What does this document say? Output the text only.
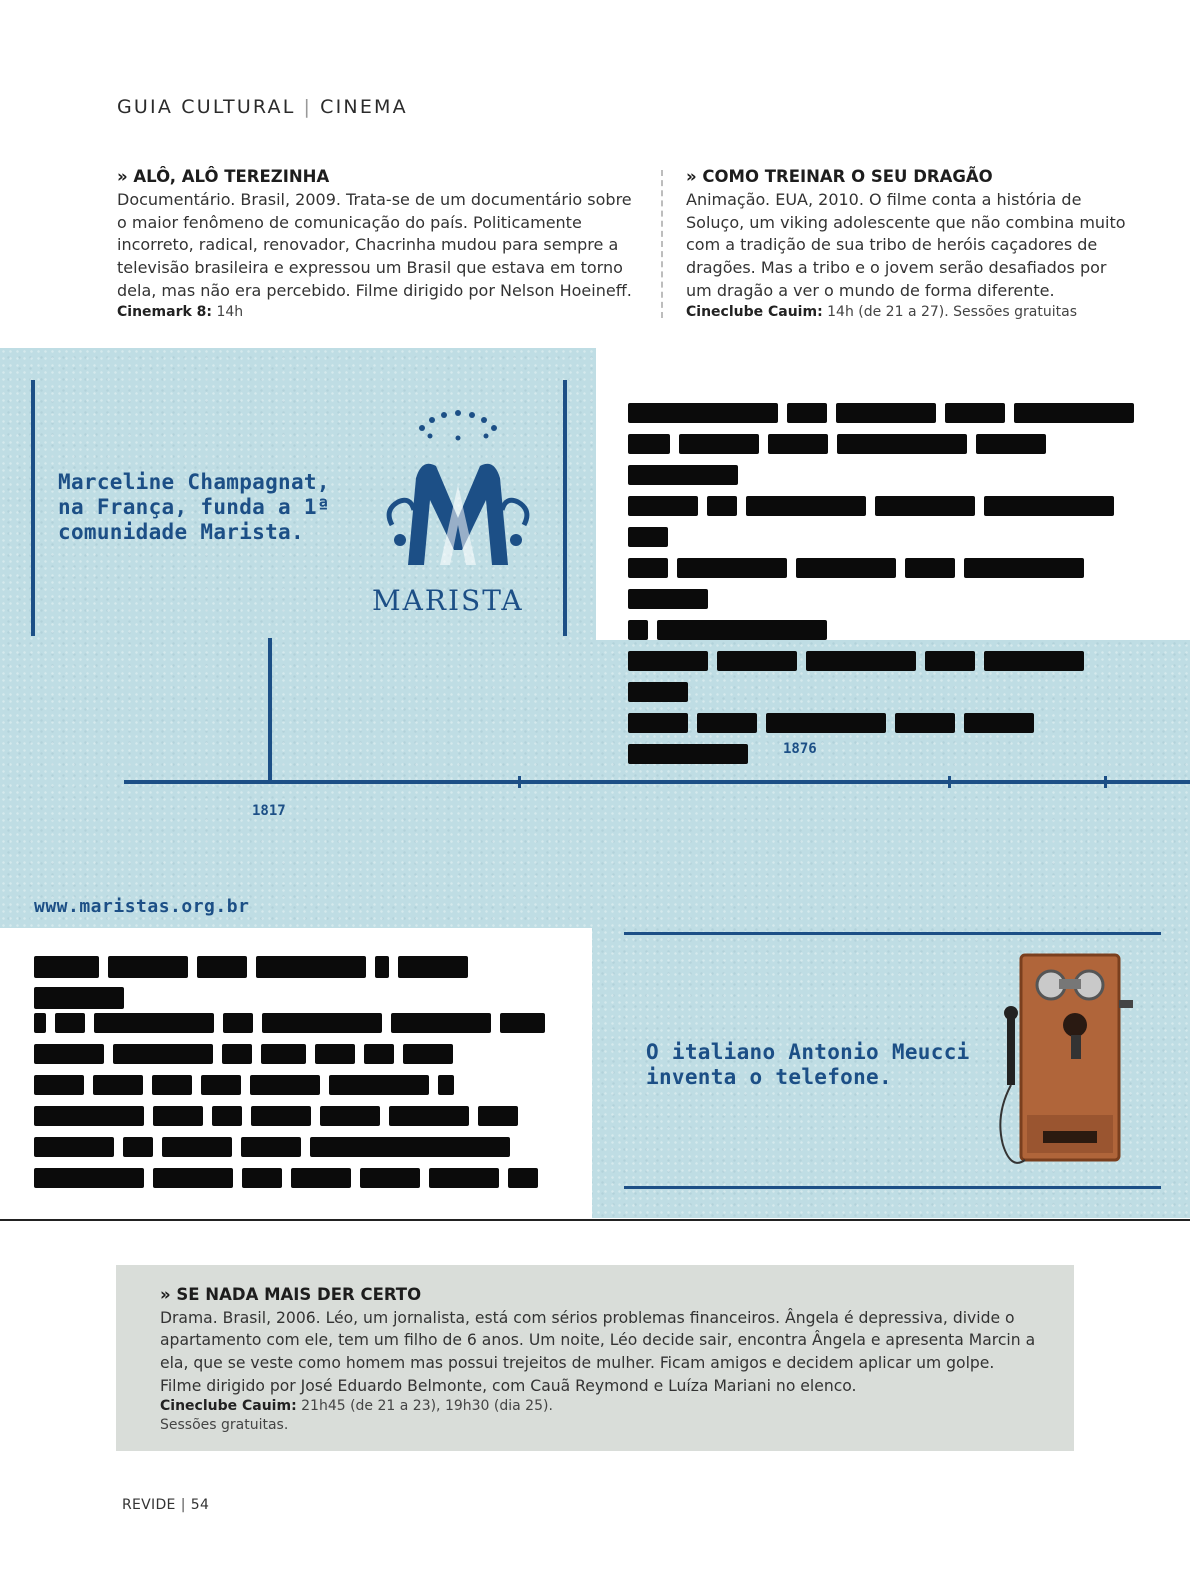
GUIA CULTURAL | CINEMA
» ALÔ, ALÔ TEREZINHA
Documentário. Brasil, 2009. Trata-se de um documentário sobre o maior fenômeno de comunicação do país. Politicamente incorreto, radical, renovador, Chacrinha mudou para sempre a televisão brasileira e expressou um Brasil que estava em torno dela, mas não era percebido. Filme dirigido por Nelson Hoeineff.
Cinemark 8: 14h
» COMO TREINAR O SEU DRAGÃO
Animação. EUA, 2010. O filme conta a história de Soluço, um viking adolescente que não combina muito com a tradição de sua tribo de heróis caçadores de dragões. Mas a tribo e o jovem serão desafiados por um dragão a ver o mundo de forma diferente.
Cineclube Cauim: 14h (de 21 a 27). Sessões gratuitas
Marceline Champagnat, na França, funda a 1ª comunidade Marista.
MARISTA
1817
1876
www.maristas.org.br
O italiano Antonio Meucci inventa o telefone.
» SE NADA MAIS DER CERTO
Drama. Brasil, 2006. Léo, um jornalista, está com sérios problemas financeiros. Ângela é depressiva, divide o apartamento com ele, tem um filho de 6 anos. Um noite, Léo decide sair, encontra Ângela e apresenta Marcin a ela, que se veste como homem mas possui trejeitos de mulher. Ficam amigos e decidem aplicar um golpe. Filme dirigido por José Eduardo Belmonte, com Cauã Reymond e Luíza Mariani no elenco.
Cineclube Cauim: 21h45 (de 21 a 23), 19h30 (dia 25).
Sessões gratuitas.
REVIDE | 54
